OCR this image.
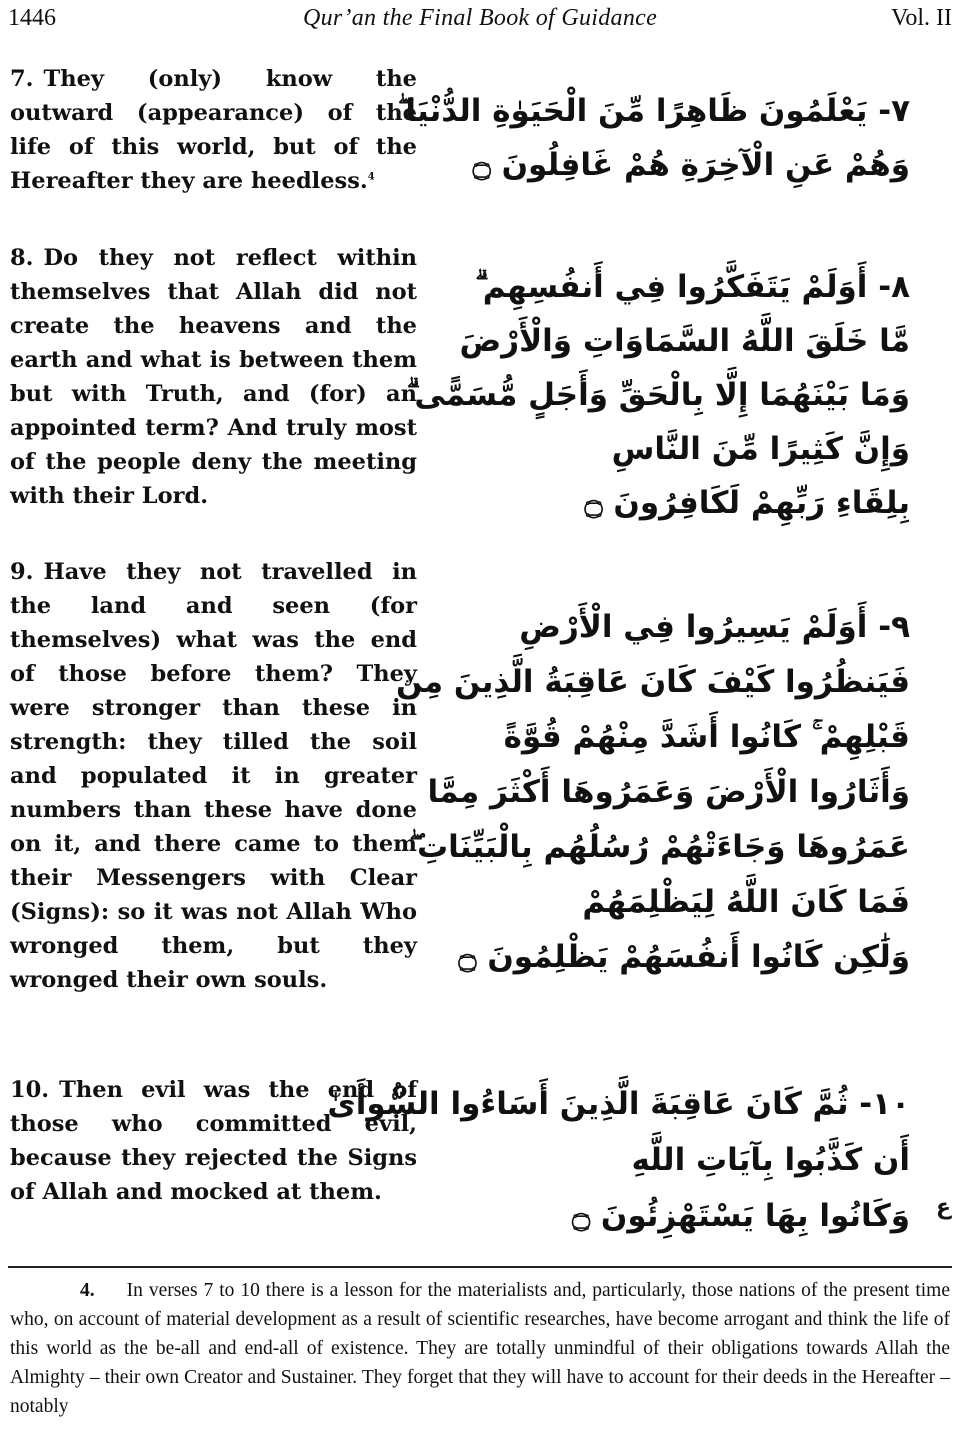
1446	Qur’an the Final Book of Guidance	Vol. II
7. They (only) know the outward (appearance) of the life of this world, but of the Hereafter they are heedless.$^4$
٧- يَعْلَمُونَ ظَاهِرًا مِّنَ الْحَيَوٰةِ الدُّنْيَا ۖ
وَهُمْ عَنِ الْآخِرَةِ هُمْ غَافِلُونَ ۝
8. Do they not reflect within themselves that Allah did not create the heavens and the earth and what is between them but with Truth, and (for) an appointed term? And truly most of the people deny the meeting with their Lord.
٨- أَوَلَمْ يَتَفَكَّرُوا فِي أَنفُسِهِم ۗ
مَّا خَلَقَ اللَّهُ السَّمَاوَاتِ وَالْأَرْضَ
وَمَا بَيْنَهُمَا إِلَّا بِالْحَقِّ وَأَجَلٍ مُّسَمًّى ۗ
وَإِنَّ كَثِيرًا مِّنَ النَّاسِ
بِلِقَاءِ رَبِّهِمْ لَكَافِرُونَ ۝
9. Have they not travelled in the land and seen (for themselves) what was the end of those before them? They were stronger than these in strength: they tilled the soil and populated it in greater numbers than these have done on it, and there came to them their Messengers with Clear (Signs): so it was not Allah Who wronged them, but they wronged their own souls.
٩- أَوَلَمْ يَسِيرُوا فِي الْأَرْضِ
فَيَنظُرُوا كَيْفَ كَانَ عَاقِبَةُ الَّذِينَ مِن
قَبْلِهِمْ ۚ كَانُوا أَشَدَّ مِنْهُمْ قُوَّةً
وَأَثَارُوا الْأَرْضَ وَعَمَرُوهَا أَكْثَرَ مِمَّا
عَمَرُوهَا وَجَاءَتْهُمْ رُسُلُهُم بِالْبَيِّنَاتِ ۖ
فَمَا كَانَ اللَّهُ لِيَظْلِمَهُمْ
وَلَٰكِن كَانُوا أَنفُسَهُمْ يَظْلِمُونَ ۝
10. Then evil was the end of those who committed evil, because they rejected the Signs of Allah and mocked at them.
١٠- ثُمَّ كَانَ عَاقِبَةَ الَّذِينَ أَسَاءُوا السُّوأَىٰ
أَن كَذَّبُوا بِآيَاتِ اللَّهِ
وَكَانُوا بِهَا يَسْتَهْزِئُونَ ۝ ع
4. In verses 7 to 10 there is a lesson for the materialists and, particularly, those nations of the present time who, on account of material development as a result of scientific researches, have become arrogant and think the life of this world as the be-all and end-all of existence. They are totally unmindful of their obligations towards Allah the Almighty – their own Creator and Sustainer. They forget that they will have to account for their deeds in the Hereafter – notably
